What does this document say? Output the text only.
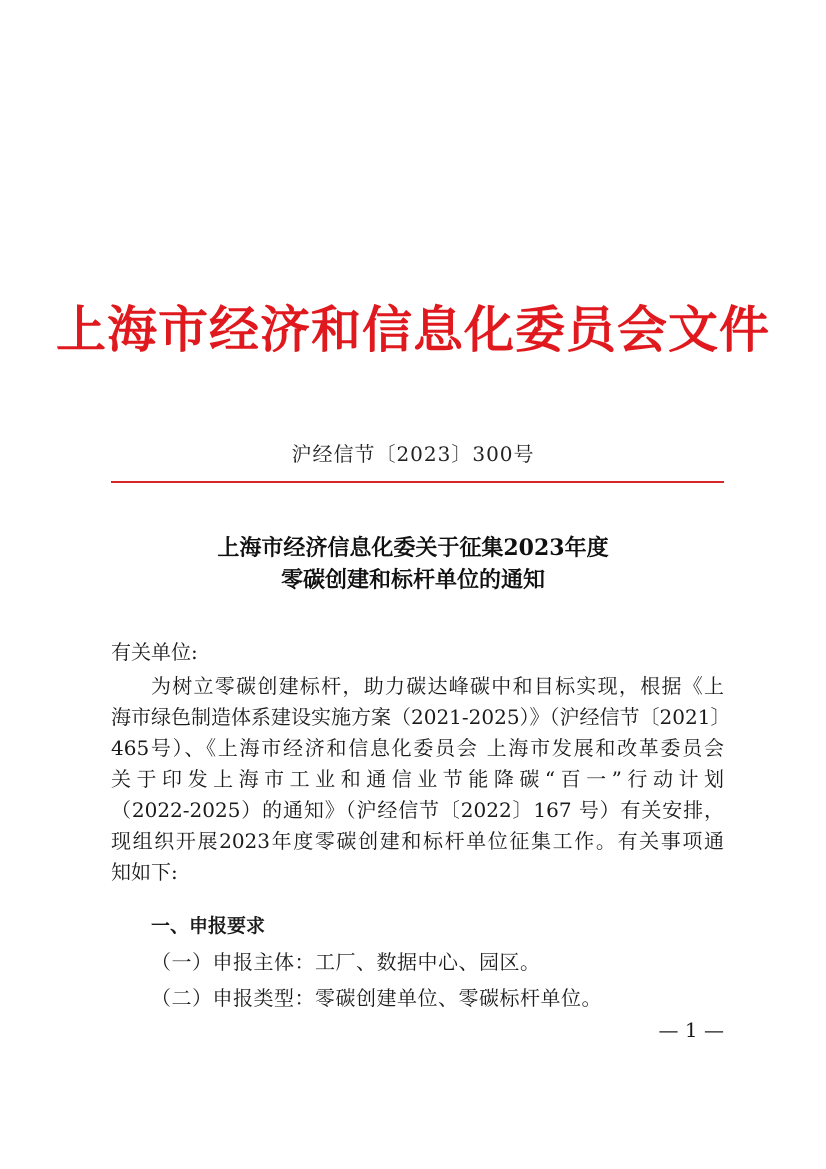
上海市经济和信息化委员会文件
沪经信节〔2023〕300号
上海市经济信息化委关于征集2023年度
零碳创建和标杆单位的通知
有关单位:
为树立零碳创建标杆，助力碳达峰碳中和目标实现，根据《上
海市绿色制造体系建设实施方案（2021-2025）》（沪经信节〔2021〕
465号）、《上海市经济和信息化委员会 上海市发展和改革委员会
关于印发上海市工业和通信业节能降碳“百一”行动计划
（2022-2025）的通知》（沪经信节〔2022〕167 号）有关安排，
现组织开展2023年度零碳创建和标杆单位征集工作。有关事项通
知如下:
一、申报要求
（一）申报主体：工厂、数据中心、园区。
（二）申报类型：零碳创建单位、零碳标杆单位。
— 1 —
